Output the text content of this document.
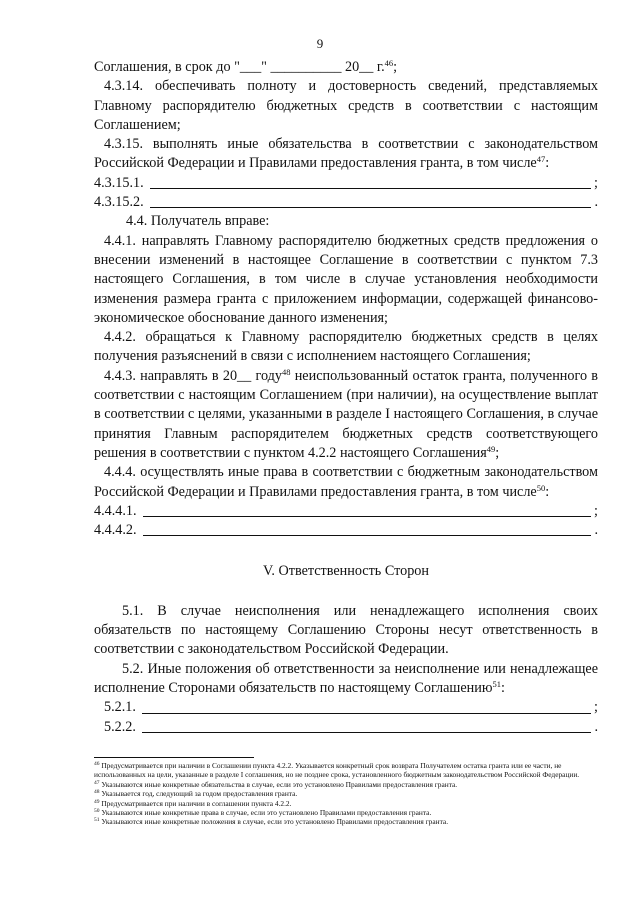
9

Соглашения, в срок до "___" __________ 20__ г.$^{46}$;

4.3.14. обеспечивать полноту и достоверность сведений, представляемых Главному распорядителю бюджетных средств в соответствии с настоящим Соглашением;

4.3.15. выполнять иные обязательства в соответствии с законодательством Российской Федерации и Правилами предоставления гранта, в том числе$^{47}$:

4.3.15.1.	;
4.3.15.2.	.

4.4. Получатель вправе:

4.4.1. направлять Главному распорядителю бюджетных средств предложения о внесении изменений в настоящее Соглашение в соответствии с пунктом 7.3 настоящего Соглашения, в том числе в случае установления необходимости изменения размера гранта с приложением информации, содержащей финансово-экономическое обоснование данного изменения;

4.4.2. обращаться к Главному распорядителю бюджетных средств в целях получения разъяснений в связи с исполнением настоящего Соглашения;

4.4.3. направлять в 20__ году$^{48}$ неиспользованный остаток гранта, полученного в соответствии с настоящим Соглашением (при наличии), на осуществление выплат в соответствии с целями, указанными в разделе I настоящего Соглашения, в случае принятия Главным распорядителем бюджетных средств соответствующего решения в соответствии с пунктом 4.2.2 настоящего Соглашения$^{49}$;

4.4.4. осуществлять иные права в соответствии с бюджетным законодательством Российской Федерации и Правилами предоставления гранта, в том числе$^{50}$:

4.4.4.1.	;
4.4.4.2.	.
V. Ответственность Сторон

5.1. В случае неисполнения или ненадлежащего исполнения своих обязательств по настоящему Соглашению Стороны несут ответственность в соответствии с законодательством Российской Федерации.

5.2. Иные положения об ответственности за неисполнение или ненадлежащее исполнение Сторонами обязательств по настоящему Соглашению$^{51}$:

5.2.1.	;
5.2.2.	.

$^{46}$ Предусматривается при наличии в Соглашении пункта 4.2.2. Указывается конкретный срок возврата Получателем остатка гранта или ее части, не использованных на цели, указанные в разделе I соглашения, но не позднее срока, установленного бюджетным законодательством Российской Федерации.

$^{47}$ Указываются иные конкретные обязательства в случае, если это установлено Правилами предоставления гранта.

$^{48}$ Указывается год, следующий за годом предоставления гранта.

$^{49}$ Предусматривается при наличии в соглашении пункта 4.2.2.

$^{50}$ Указываются иные конкретные права в случае, если это установлено Правилами предоставления гранта.

$^{51}$ Указываются иные конкретные положения в случае, если это установлено Правилами предоставления гранта.
